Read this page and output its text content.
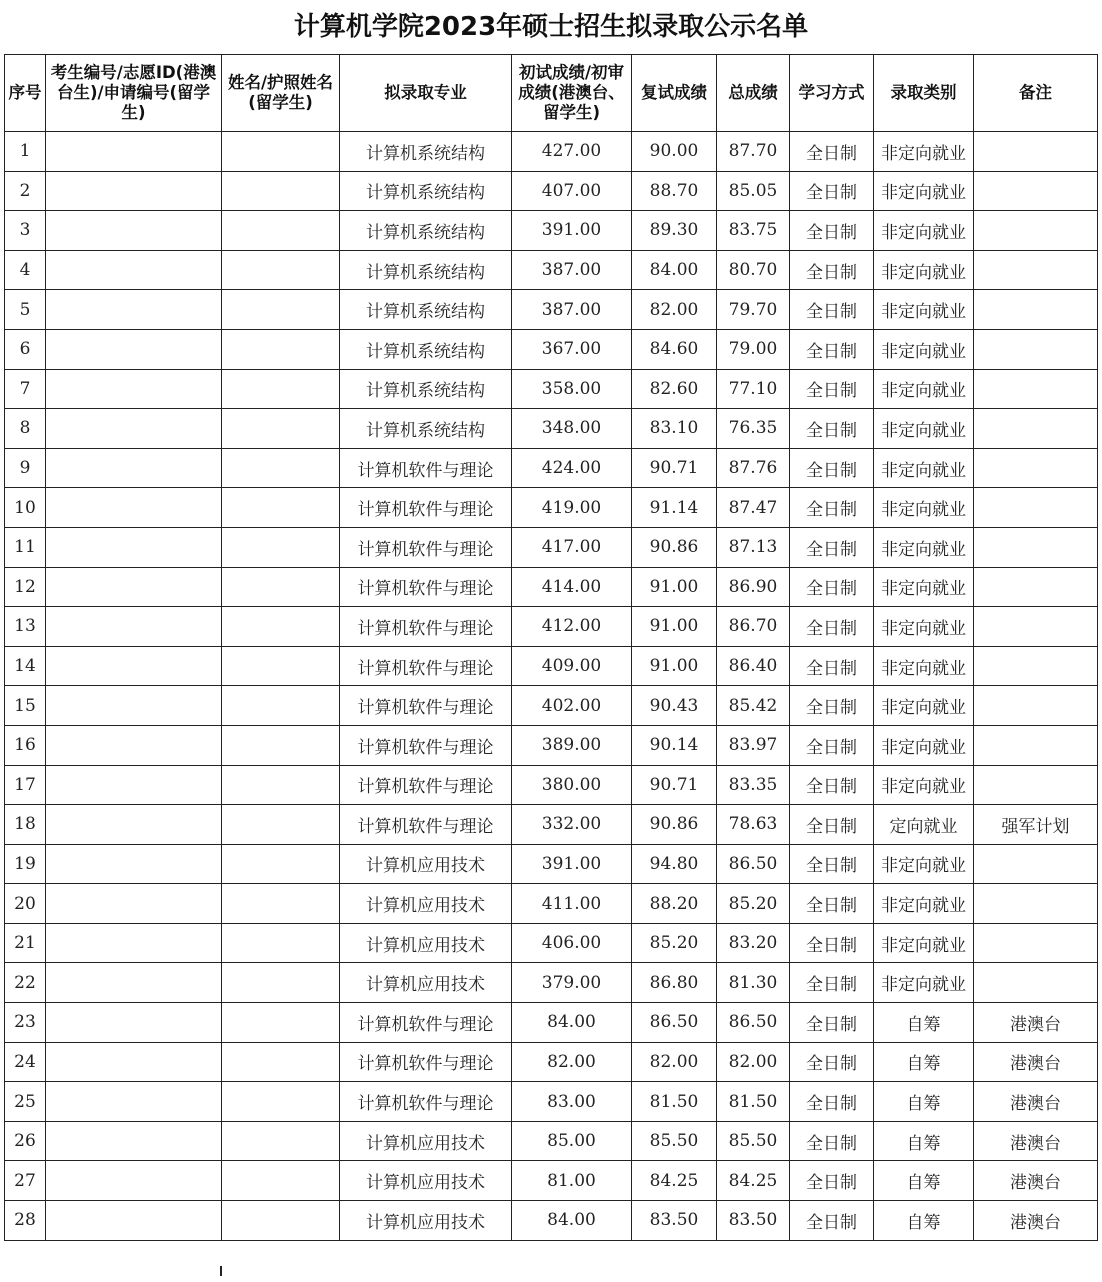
计算机学院2023年硕士招生拟录取公示名单
序号	考生编号/志愿ID(港澳台生)/申请编号(留学生)	姓名/护照姓名(留学生)	拟录取专业	初试成绩/初审成绩(港澳台、留学生)	复试成绩	总成绩	学习方式	录取类别	备注
1			计算机系统结构	427.00	90.00	87.70	全日制	非定向就业	
2			计算机系统结构	407.00	88.70	85.05	全日制	非定向就业	
3			计算机系统结构	391.00	89.30	83.75	全日制	非定向就业	
4			计算机系统结构	387.00	84.00	80.70	全日制	非定向就业	
5			计算机系统结构	387.00	82.00	79.70	全日制	非定向就业	
6			计算机系统结构	367.00	84.60	79.00	全日制	非定向就业	
7			计算机系统结构	358.00	82.60	77.10	全日制	非定向就业	
8			计算机系统结构	348.00	83.10	76.35	全日制	非定向就业	
9			计算机软件与理论	424.00	90.71	87.76	全日制	非定向就业	
10			计算机软件与理论	419.00	91.14	87.47	全日制	非定向就业	
11			计算机软件与理论	417.00	90.86	87.13	全日制	非定向就业	
12			计算机软件与理论	414.00	91.00	86.90	全日制	非定向就业	
13			计算机软件与理论	412.00	91.00	86.70	全日制	非定向就业	
14			计算机软件与理论	409.00	91.00	86.40	全日制	非定向就业	
15			计算机软件与理论	402.00	90.43	85.42	全日制	非定向就业	
16			计算机软件与理论	389.00	90.14	83.97	全日制	非定向就业	
17			计算机软件与理论	380.00	90.71	83.35	全日制	非定向就业	
18			计算机软件与理论	332.00	90.86	78.63	全日制	定向就业	强军计划
19			计算机应用技术	391.00	94.80	86.50	全日制	非定向就业	
20			计算机应用技术	411.00	88.20	85.20	全日制	非定向就业	
21			计算机应用技术	406.00	85.20	83.20	全日制	非定向就业	
22			计算机应用技术	379.00	86.80	81.30	全日制	非定向就业	
23			计算机软件与理论	84.00	86.50	86.50	全日制	自筹	港澳台
24			计算机软件与理论	82.00	82.00	82.00	全日制	自筹	港澳台
25			计算机软件与理论	83.00	81.50	81.50	全日制	自筹	港澳台
26			计算机应用技术	85.00	85.50	85.50	全日制	自筹	港澳台
27			计算机应用技术	81.00	84.25	84.25	全日制	自筹	港澳台
28			计算机应用技术	84.00	83.50	83.50	全日制	自筹	港澳台
